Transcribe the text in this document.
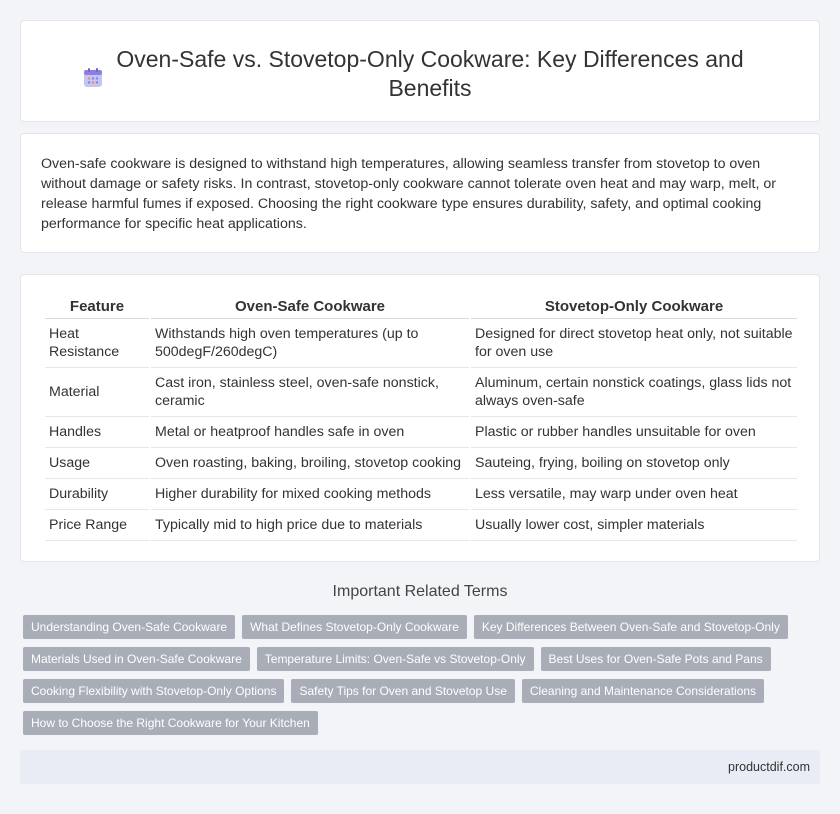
Oven-Safe vs. Stovetop-Only Cookware: Key Differences and Benefits

Oven-safe cookware is designed to withstand high temperatures, allowing seamless transfer from stovetop to oven without damage or safety risks. In contrast, stovetop-only cookware cannot tolerate oven heat and may warp, melt, or release harmful fumes if exposed. Choosing the right cookware type ensures durability, safety, and optimal cooking performance for specific heat applications.

Feature	Oven-Safe Cookware	Stovetop-Only Cookware
Heat Resistance	Withstands high oven temperatures (up to 500degF/260degC)	Designed for direct stovetop heat only, not suitable for oven use
Material	Cast iron, stainless steel, oven-safe nonstick, ceramic	Aluminum, certain nonstick coatings, glass lids not always oven-safe
Handles	Metal or heatproof handles safe in oven	Plastic or rubber handles unsuitable for oven
Usage	Oven roasting, baking, broiling, stovetop cooking	Sauteing, frying, boiling on stovetop only
Durability	Higher durability for mixed cooking methods	Less versatile, may warp under oven heat
Price Range	Typically mid to high price due to materials	Usually lower cost, simpler materials
Important Related Terms
Understanding Oven-Safe Cookware What Defines Stovetop-Only Cookware Key Differences Between Oven-Safe and Stovetop-Only
Materials Used in Oven-Safe Cookware Temperature Limits: Oven-Safe vs Stovetop-Only Best Uses for Oven-Safe Pots and Pans
Cooking Flexibility with Stovetop-Only Options Safety Tips for Oven and Stovetop Use Cleaning and Maintenance Considerations
How to Choose the Right Cookware for Your Kitchen
productdif.com
